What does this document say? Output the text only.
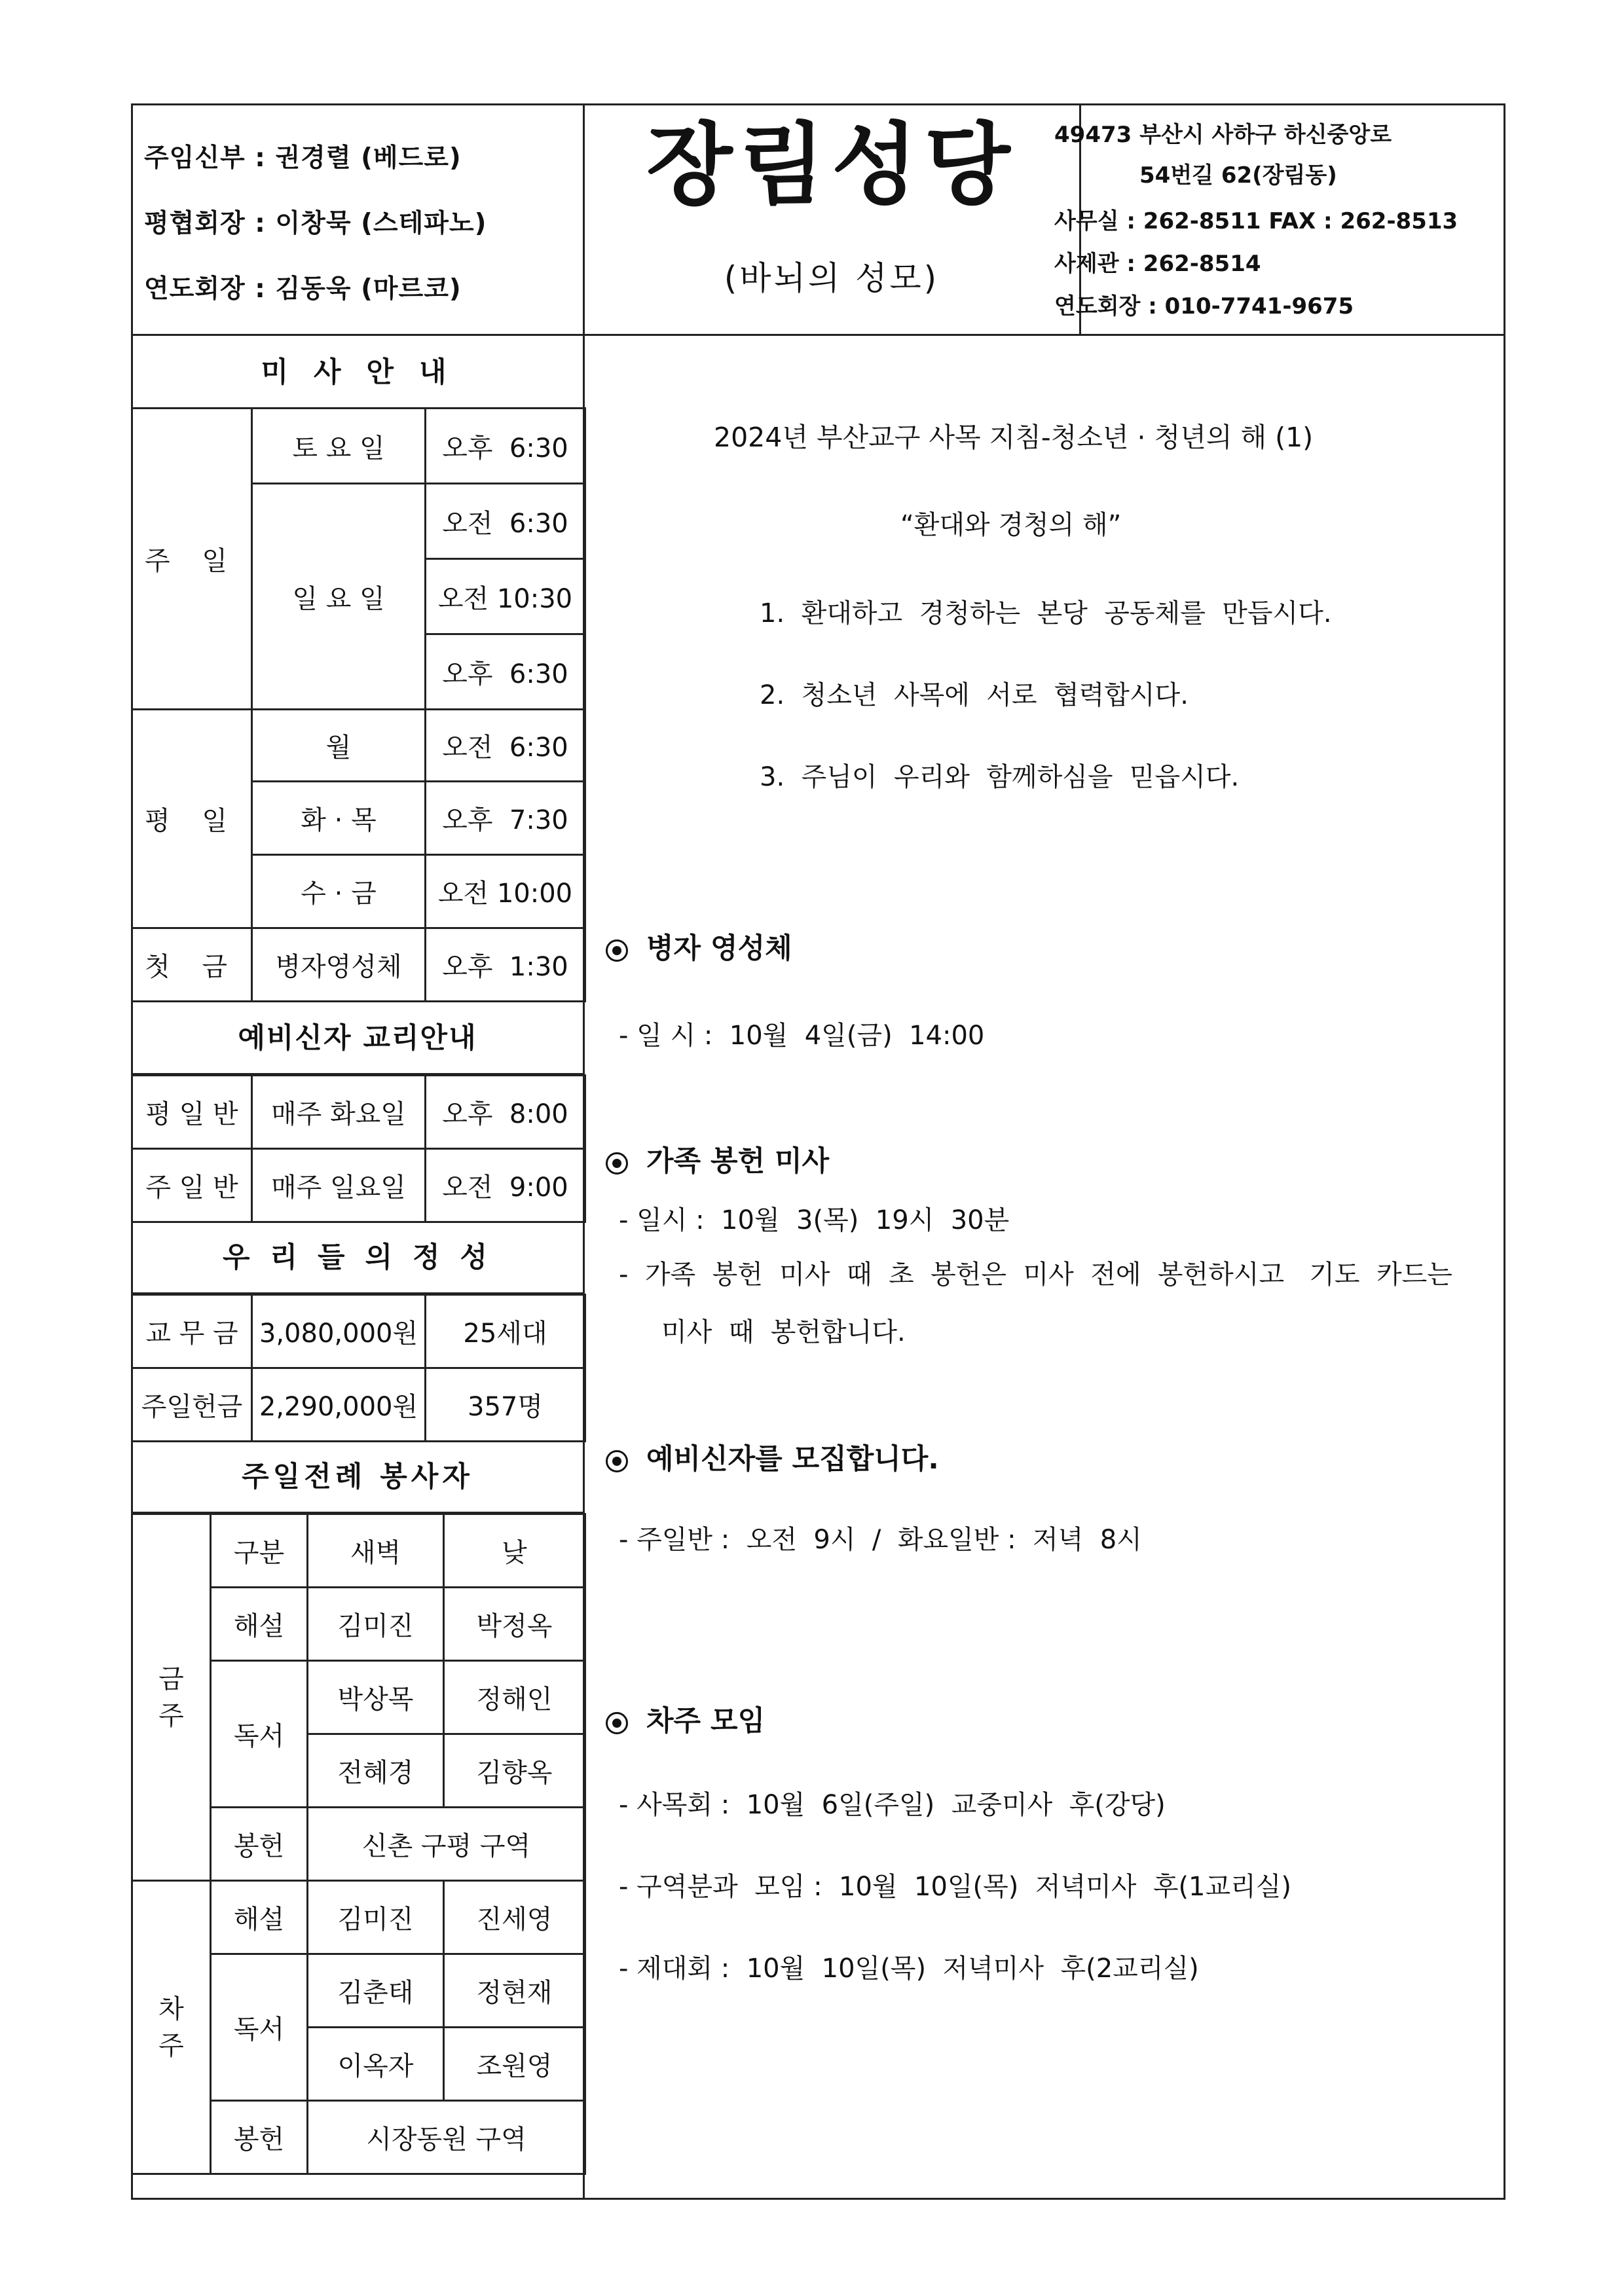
주임신부 : 권경렬 (베드로)
평협회장 : 이창묵 (스테파노)
연도회장 : 김동욱 (마르코)
장림성당
(바뇌의 성모)
49473 부산시 사하구 하신중앙로
54번길 62(장림동)
사무실 : 262-8511 FAX : 262-8513
사제관 : 262-8514
연도회장 : 010-7741-9675
미 사 안 내
주 일	토 요 일	오후  6:30
	일 요 일	오전  6:30
		오전 10:30
		오후  6:30

평 일	월	오전  6:30
	화 · 목	오후  7:30
	수 · 금	오전 10:00
첫 금	병자영성체	오후  1:30
예비신자 교리안내
평 일 반	매주 화요일	오후  8:00
주 일 반	매주 일요일	오전  9:00
우 리 들 의 정 성
교 무 금	3,080,000원	25세대
주일헌금	2,290,000원	357명
주일전례 봉사자
금 주	구분	새벽	낮
	해설	김미진	박정옥
	독서	박상목	정해인
		전혜경	김향옥
	봉헌	신촌 구평 구역	

차 주	해설	김미진	진세영
	독서	김춘태	정현재
		이옥자	조원영
	봉헌	시장동원 구역	

2024년 부산교구 사목 지침-청소년 · 청년의 해 (1)
“환대와 경청의 해”
1.  환대하고  경청하는  본당  공동체를  만듭시다.
2.  청소년  사목에  서로  협력합시다.
3.  주님이  우리와  함께하심을  믿읍시다.
병자 영성체
- 일 시 :  10월  4일(금)  14:00
가족 봉헌 미사
- 일시 :  10월  3(목)  19시  30분
-  가족  봉헌  미사  때  초  봉헌은  미사  전에  봉헌하시고   기도  카드는
미사  때  봉헌합니다.
예비신자를 모집합니다.
- 주일반 :  오전  9시  /  화요일반 :  저녁  8시
차주 모임
- 사목회 :  10월  6일(주일)  교중미사  후(강당)
- 구역분과  모임 :  10월  10일(목)  저녁미사  후(1교리실)
- 제대회 :  10월  10일(목)  저녁미사  후(2교리실)
